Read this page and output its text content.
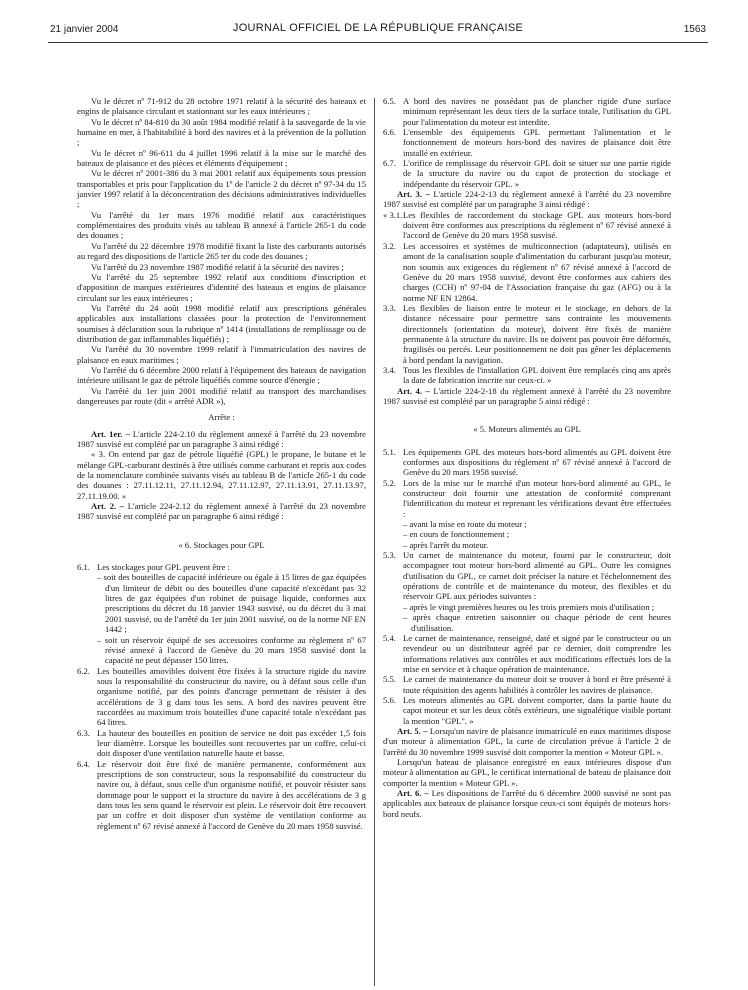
21 janvier 2004	JOURNAL OFFICIEL DE LA RÉPUBLIQUE FRANÇAISE	1563

Vu le décret nº 71-912 du 28 octobre 1971 relatif à la sécurité des bateaux et engins de plaisance circulant et stationnant sur les eaux intérieures ;

Vu le décret nº 84-810 du 30 août 1984 modifié relatif à la sauvegarde de la vie humaine en mer, à l'habitabilité à bord des navires et à la prévention de la pollution ;

Vu le décret nº 96-611 du 4 juillet 1996 relatif à la mise sur le marché des bateaux de plaisance et des pièces et éléments d'équipement ;

Vu le décret nº 2001-386 du 3 mai 2001 relatif aux équipements sous pression transportables et pris pour l'application du 1º de l'article 2 du décret nº 97-34 du 15 janvier 1997 relatif à la déconcentration des décisions administratives individuelles ;

Vu l'arrêté du 1er mars 1976 modifié relatif aux caractéristiques complémentaires des produits visés au tableau B annexé à l'article 265-1 du code des douanes ;

Vu l'arrêté du 22 décembre 1978 modifié fixant la liste des carburants autorisés au regard des dispositions de l'article 265 ter du code des douanes ;

Vu l'arrêté du 23 novembre 1987 modifié relatif à la sécurité des navires ;

Vu l'arrêté du 25 septembre 1992 relatif aux conditions d'inscription et d'apposition de marques extérieures d'identité des bateaux et engins de plaisance circulant sur les eaux intérieures ;

Vu l'arrêté du 24 août 1998 modifié relatif aux prescriptions générales applicables aux installations classées pour la protection de l'environnement soumises à déclaration sous la rubrique nº 1414 (installations de remplissage ou de distribution de gaz inflammables liquéfiés) ;

Vu l'arrêté du 30 novembre 1999 relatif à l'immatriculation des navires de plaisance en eaux maritimes ;

Vu l'arrêté du 6 décembre 2000 relatif à l'équipement des bateaux de navigation intérieure utilisant le gaz de pétrole liquéfiés comme source d'énergie ;

Vu l'arrêté du 1er juin 2001 modifié relatif au transport des marchandises dangereuses par route (dit « arrêté ADR »),

Arrête :

Art. 1er. – L'article 224-2.10 du règlement annexé à l'arrêté du 23 novembre 1987 susvisé est complété par un paragraphe 3 ainsi rédigé :

« 3. On entend par gaz de pétrole liquéfié (GPL) le propane, le butane et le mélange GPL-carburant destinés à être utilisés comme carburant et repris aux codes de la nomenclature combinée suivants visés au tableau B de l'article 265-1 du code des douanes : 27.11.12.11, 27.11.12.94, 27.11.12.97, 27.11.13.91, 27.11.13.97, 27.11.19.00. »

Art. 2. – L'article 224-2.12 du règlement annexé à l'arrêté du 23 novembre 1987 susvisé est complété par un paragraphe 6 ainsi rédigé :

« 6. Stockages pour GPL

6.1. Les stockages pour GPL peuvent être :

– soit des bouteilles de capacité inférieure ou égale à 15 litres de gaz équipées d'un limiteur de débit ou des bouteilles d'une capacité n'excédant pas 32 litres de gaz équipées d'un robinet de puisage liquide, conformes aux prescriptions du décret du 18 janvier 1943 susvisé, ou du décret du 3 mai 2001 susvisé, ou de l'arrêté du 1er juin 2001 susvisé, ou de la norme NF EN 1442 ;

– soit un réservoir équipé de ses accessoires conforme au règlement nº 67 révisé annexé à l'accord de Genève du 20 mars 1958 susvisé dont la capacité ne peut dépasser 150 litres.

6.2. Les bouteilles amovibles doivent être fixées à la structure rigide du navire sous la responsabilité du constructeur du navire, ou à défaut sous celle d'un organisme notifié, par des points d'ancrage permettant de résister à des accélérations de 3 g dans tous les sens. A bord des navires peuvent être raccordées au maximum trois bouteilles d'une capacité totale n'excédant pas 64 litres.

6.3. La hauteur des bouteilles en position de service ne doit pas excéder 1,5 fois leur diamètre. Lorsque les bouteilles sont recouvertes par un coffre, celui-ci doit disposer d'une ventilation naturelle haute et basse.

6.4. Le réservoir doit être fixé de manière permanente, conformément aux prescriptions de son constructeur, sous la responsabilité du constructeur du navire ou, à défaut, sous celle d'un organisme notifié, et pouvoir résister sans dommage pour le support et la structure du navire à des accélérations de 3 g dans tous les sens quand le réservoir est plein. Le réservoir doit être recouvert par un coffre et doit disposer d'un système de ventilation conforme au règlement nº 67 révisé annexé à l'accord de Genève du 20 mars 1958 susvisé.

6.5. A bord des navires ne possédant pas de plancher rigide d'une surface minimum représentant les deux tiers de la surface totale, l'utilisation du GPL pour l'alimentation du moteur est interdite.

6.6. L'ensemble des équipements GPL permettant l'alimentation et le fonctionnement de moteurs hors-bord des navires de plaisance doit être installé en extérieur.

6.7. L'orifice de remplissage du réservoir GPL doit se situer sur une partie rigide de la structure du navire ou du capot de protection du stockage et indépendante du réservoir GPL. »

Art. 3. – L'article 224-2-13 du règlement annexé à l'arrêté du 23 novembre 1987 susvisé est complété par un paragraphe 3 ainsi rédigé :

« 3.1.Les flexibles de raccordement du stockage GPL aux moteurs hors-bord doivent être conformes aux prescriptions du règlement nº 67 révisé annexé à l'accord de Genève du 20 mars 1958 susvisé.

3.2. Les accessoires et systèmes de multiconnection (adaptateurs), utilisés en amont de la canalisation souple d'alimentation du carburant jusqu'au moteur, non soumis aux exigences du règlement nº 67 révisé annexé à l'accord de Genève du 20 mars 1958 susvisé, devont être conformes aux cahiers des charges (CCH) nº 97-04 de l'Association française du gaz (AFG) ou à la norme NF EN 12864.

3.3. Les flexibles de liaison entre le moteur et le stockage, en dehors de la distance nécessaire pour permettre sans contrainte les mouvements directionnels (orientation du moteur), doivent être fixés de manière permanente à la structure du navire. Ils ne doivent pas pouvoir être déformés, fragilisés ou percés. Leur positionnement ne doit pas gêner les déplacements à bord pendant la navigation.

3.4. Tous les flexibles de l'installation GPL doivent être remplacés cinq ans après la date de fabrication inscrite sur ceux-ci. »

Art. 4. – L'article 224-2-18 du règlement annexé à l'arrêté du 23 novembre 1987 susvisé est complété par un paragraphe 5 ainsi rédigé :

« 5. Moteurs alimentés au GPL

5.1. Les équipements GPL des moteurs hors-bord alimentés au GPL doivent être conformes aux dispositions du règlement nº 67 révisé annexé à l'accord de Genève du 20 mars 1958 susvisé.

5.2. Lors de la mise sur le marché d'un moteur hors-bord alimenté au GPL, le constructeur doit fournir une attestation de conformité comprenant l'identification du moteur et reprenant les vérifications devant être effectuées :

– avant la mise en route du moteur ;

– en cours de fonctionnement ;

– après l'arrêt du moteur.

5.3. Un carnet de maintenance du moteur, fourni par le constructeur, doit accompagner tout moteur hors-bord alimenté au GPL. Outre les consignes d'utilisation du GPL, ce carnet doit préciser la nature et l'échelonnement des opérations de contrôle et de maintenance du moteur, des flexibles et du réservoir GPL aux périodes suivantes :

– après le vingt premières heures ou les trois premiers mois d'utilisation ;

– après chaque entretien saisonnier ou chaque période de cent heures d'utilisation.

5.4. Le carnet de maintenance, renseigné, daté et signé par le constructeur ou un revendeur ou un distributeur agréé par ce dernier, doit comprendre les informations relatives aux contrôles et aux modifications effectués lors de la mise en service et à chaque opération de maintenance.

5.5. Le carnet de maintenance du moteur doit se trouver à bord et être présenté à toute réquisition des agents habilités à contrôler les navires de plaisance.

5.6. Les moteurs alimentés au GPL doivent comporter, dans la partie haute du capot moteur et sur les deux côtés extérieurs, une signalétique visible portant la mention "GPL". »

Art. 5. – Lorsqu'un navire de plaisance immatriculé en eaux maritimes dispose d'un moteur à alimentation GPL, la carte de circulation prévue à l'article 2 de l'arrêté du 30 novembre 1999 susvisé doit comporter la mention « Moteur GPL ».

Lorsqu'un bateau de plaisance enregistré en eaux intérieures dispose d'un moteur à alimentation au GPL, le certificat international de bateau de plaisance doit comporter la mention « Moteur GPL ».

Art. 6. – Les dispositions de l'arrêté du 6 décembre 2000 susvisé ne sont pas applicables aux bateaux de plaisance lorsque ceux-ci sont équipés de moteurs hors-bord neufs.
